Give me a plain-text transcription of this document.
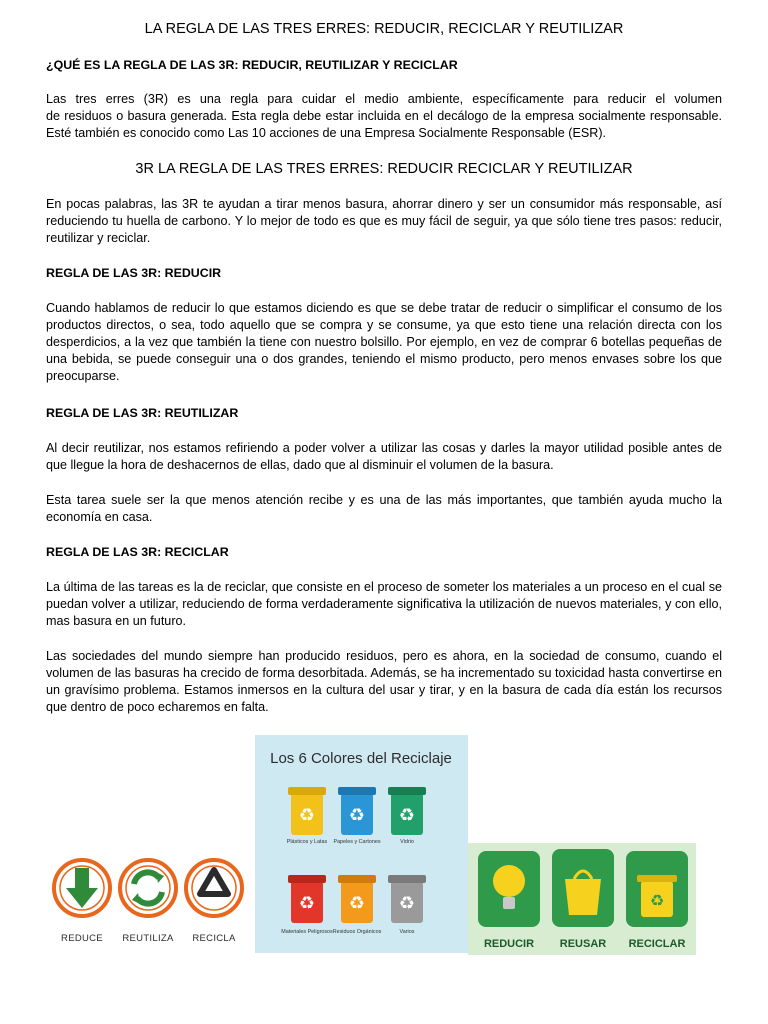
LA REGLA DE LAS TRES ERRES: REDUCIR, RECICLAR Y REUTILIZAR
¿QUÉ ES LA REGLA DE LAS 3R: REDUCIR, REUTILIZAR Y RECICLAR
Las tres erres (3R) es una regla para cuidar el medio ambiente, específicamente para reducir el volumen
de residuos o basura generada. Esta regla debe estar incluida en el decálogo de la empresa socialmente responsable.
Esté también es conocido como Las 10 acciones de una Empresa Socialmente Responsable (ESR).
3R LA REGLA DE LAS TRES ERRES: REDUCIR RECICLAR Y REUTILIZAR
En pocas palabras, las 3R te ayudan a tirar menos basura, ahorrar dinero y ser un consumidor más responsable, así reduciendo tu huella de carbono. Y lo mejor de todo es que es muy fácil de seguir, ya que sólo tiene tres pasos: reducir, reutilizar y reciclar.
REGLA DE LAS 3R: REDUCIR
Cuando hablamos de reducir lo que estamos diciendo es que se debe tratar de reducir o simplificar el consumo de los productos directos, o sea, todo aquello que se compra y se consume, ya que esto tiene una relación directa con los desperdicios, a la vez que también la tiene con nuestro bolsillo. Por ejemplo, en vez de comprar 6 botellas pequeñas de una bebida, se puede conseguir una o dos grandes, teniendo el mismo producto, pero menos envases sobre los que preocuparse.
REGLA DE LAS 3R: REUTILIZAR
Al decir reutilizar, nos estamos refiriendo a poder volver a utilizar las cosas y darles la mayor utilidad posible antes de que llegue la hora de deshacernos de ellas, dado que al disminuir el volumen de la basura.
Esta tarea suele ser la que menos atención recibe y es una de las más importantes, que también ayuda mucho la economía en casa.
REGLA DE LAS 3R: RECICLAR
La última de las tareas es la de reciclar, que consiste en el proceso de someter los materiales a un proceso en el cual se puedan volver a utilizar, reduciendo de forma verdaderamente significativa la utilización de nuevos materiales, y con ello, mas basura en un futuro.
Las sociedades del mundo siempre han producido residuos, pero es ahora, en la sociedad de consumo, cuando el volumen de las basuras ha crecido de forma desorbitada. Además, se ha incrementado su toxicidad hasta convertirse en un gravísimo problema. Estamos inmersos en la cultura del usar y tirar, y en la basura de cada día están los recursos que dentro de poco echaremos en falta.
REDUCE REUTILIZA RECICLA
Los 6 Colores del Reciclaje
♻ ♻ ♻
Plásticos y Latas Papeles y Cartones	Vidrio
♻ ♻ ♻
Materiales Peligrosos Residuos Orgánicos	Varios
♻
REDUCIR REUSAR RECICLAR
